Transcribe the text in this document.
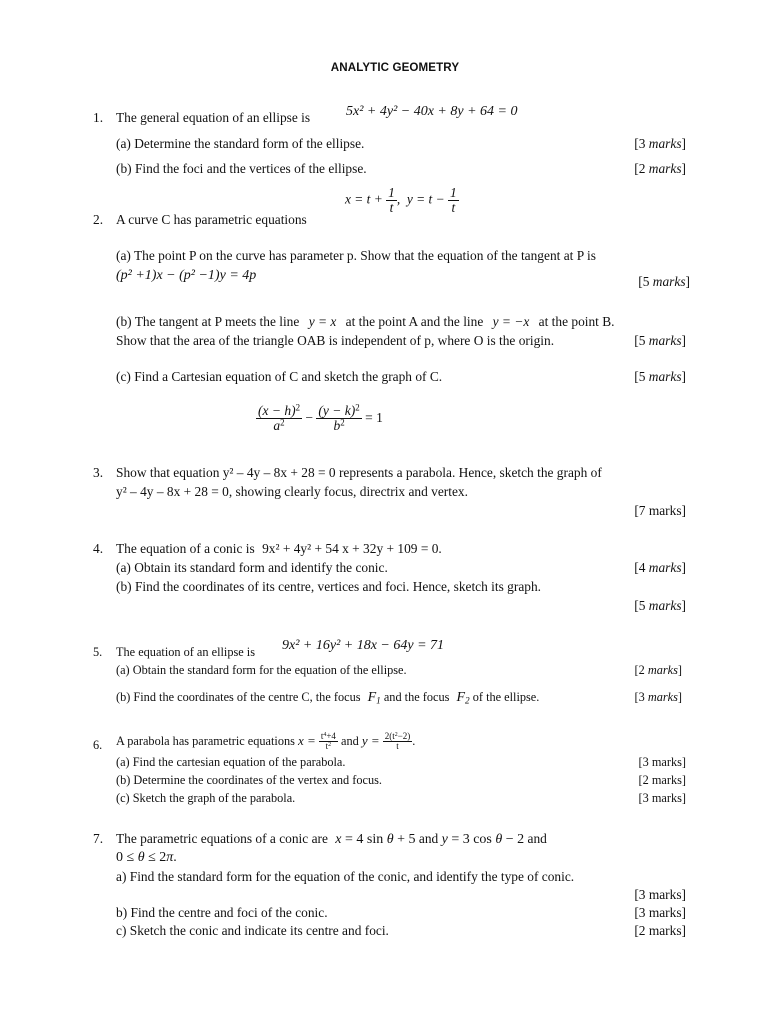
ANALYTIC GEOMETRY
1. The general equation of an ellipse is	5x² + 4y² − 40x + 8y + 64 = 0
(a) Determine the standard form of the ellipse.	[3 marks]
(b) Find the foci and the vertices of the ellipse.	[2 marks]
$x = t + \frac{1}{t}$ ,  $y = t - \frac{1}{t}$
2. A curve C has parametric equations
(a) The point P on the curve has parameter p. Show that the equation of the tangent at P is
(p² +1)x − (p² −1)y = 4p	[5 marks]
(b) The tangent at P meets the line y = x at the point A and the line y = −x at the point B.
Show that the area of the triangle OAB is independent of p, where O is the origin.	[5 marks]
(c) Find a Cartesian equation of C and sketch the graph of C.	[5 marks]
$\frac{(x - h)^2}{a^2} - \frac{(y - k)^2}{b^2} = 1$
3. Show that equation y² – 4y – 8x + 28 = 0 represents a parabola. Hence, sketch the graph of
y² – 4y – 8x + 28 = 0, showing clearly focus, directrix and vertex.
[7 marks]
4. The equation of a conic is 9x² + 4y² + 54 x + 32y + 109 = 0.
(a) Obtain its standard form and identify the conic.	[4 marks]
(b) Find the coordinates of its centre, vertices and foci. Hence, sketch its graph.
[5 marks]
5. The equation of an ellipse is 9x² + 16y² + 18x − 64y = 71
(a) Obtain the standard form for the equation of the ellipse.	[2 marks]
(b) Find the coordinates of the centre C, the focus $F_1$ and the focus $F_2$ of the ellipse.	[3 marks]
6. A parabola has parametric equations $x = \frac{t^4+4}{t^2}$ and $y = \frac{2(t^2-2)}{t}$ .
(a) Find the cartesian equation of the parabola.	[3 marks]
(b) Determine the coordinates of the vertex and focus.	[2 marks]
(c) Sketch the graph of the parabola.	[3 marks]
7. The parametric equations of a conic are x = 4 sin θ + 5 and y = 3 cos θ − 2 and
0 ≤ θ ≤ 2π.
a) Find the standard form for the equation of the conic, and identify the type of conic.
[3 marks]
b) Find the centre and foci of the conic.	[3 marks]
c) Sketch the conic and indicate its centre and foci.	[2 marks]
